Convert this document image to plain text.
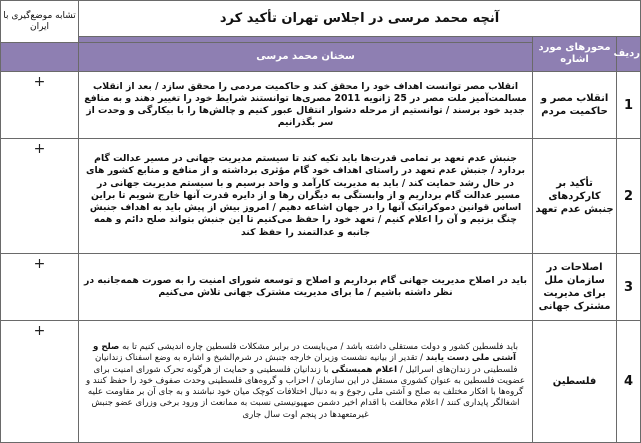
آنچه محمد مرسی در اجلاس تهران تأکید کرد			تشابه موضع‌گیری با ایران
ردیف	محورهای مورد اشاره		
		سخنان محمد مرسی	
1	انقلاب مصر و حاکمیت مردم	انقلاب مصر توانست اهداف خود را محقق کند و حاکمیت مردمی را محقق سازد / بعد از انقلاب مسالمت‌آمیز ملت مصر در 25 ژانویه 2011 مصری‌ها توانستند شرایط خود را تغییر دهند و به منافع جدید خود برسند / توانستیم از مرحله دشوار انتقال عبور کنیم و چالش‌ها را با بیکارگی و وحدت از سر بگذرانیم	+
2	تأکید بر کارکردهای جنبش عدم تعهد	جنبش عدم تعهد بر تمامی قدرت‌ها باید تکیه کند تا سیستم مدیریت جهانی در مسیر عدالت گام بردارد / جنبش عدم تعهد در راستای اهداف خود گام مؤثری برداشته و از منافع و منابع کشور های در حال رشد حمایت کند / باید به مدیریت کارآمد و واحد برسیم و با سیستم مدیریت جهانی در مسیر عدالت گام برداریم و از وابستگی به دیگران رها و از دایره قدرت آنها خارج شویم تا براین اساس قوانین دموکراتیک آنها را در جهان اشاعه دهیم / امروز بیش از پیش باید به اهداف جنبش چنگ بزنیم و آن را اعلام کنیم / تعهد خود را حفظ می‌کنیم تا این جنبش بتواند صلح دائم و همه جانبه و عدالتمند را حفظ کند	+
3	اصلاحات در سازمان ملل برای مدیریت مشترک جهانی	باید در اصلاح مدیریت جهانی گام برداریم و اصلاح و توسعه شورای امنیت را به صورت همه‌جانبه در نظر داشته باشیم / ما برای مدیریت مشترک جهانی تلاش می‌کنیم	+
4	فلسطین	باید فلسطین کشور و دولت مستقلی داشته باشد / می‌بایست در برابر مشکلات فلسطین چاره اندیشی کنیم تا به صلح و آشتی ملی دست یابند / تقدیر از بیانیه نشست وزیران خارجه جنبش در شرم‌الشیخ و اشاره به وضع اسفناک زندانیان فلسطینی در زندان‌های اسرائیل / اعلام همبستگی با زندانیان فلسطینی و حمایت از هرگونه تحرک شورای امنیت برای عضویت فلسطین به عنوان کشوری مستقل در این سازمان / احزاب و گروه‌های فلسطینی وحدت صفوف خود را حفظ کنند و گروه‌ها با افکار مختلف به صلح و آشتی ملی رجوع و به دنبال اختلافات کوچک میان خود نباشند و به جای آن بر مقاومت علیه اشغالگر پایداری کنند / اعلام مخالفت با اقدام اخیر دشمن صهیونیستی نسبت به ممانعت از ورود برخی وزرای عضو جنبش غیرمتعهدها در پنجم اوت سال جاری	+
